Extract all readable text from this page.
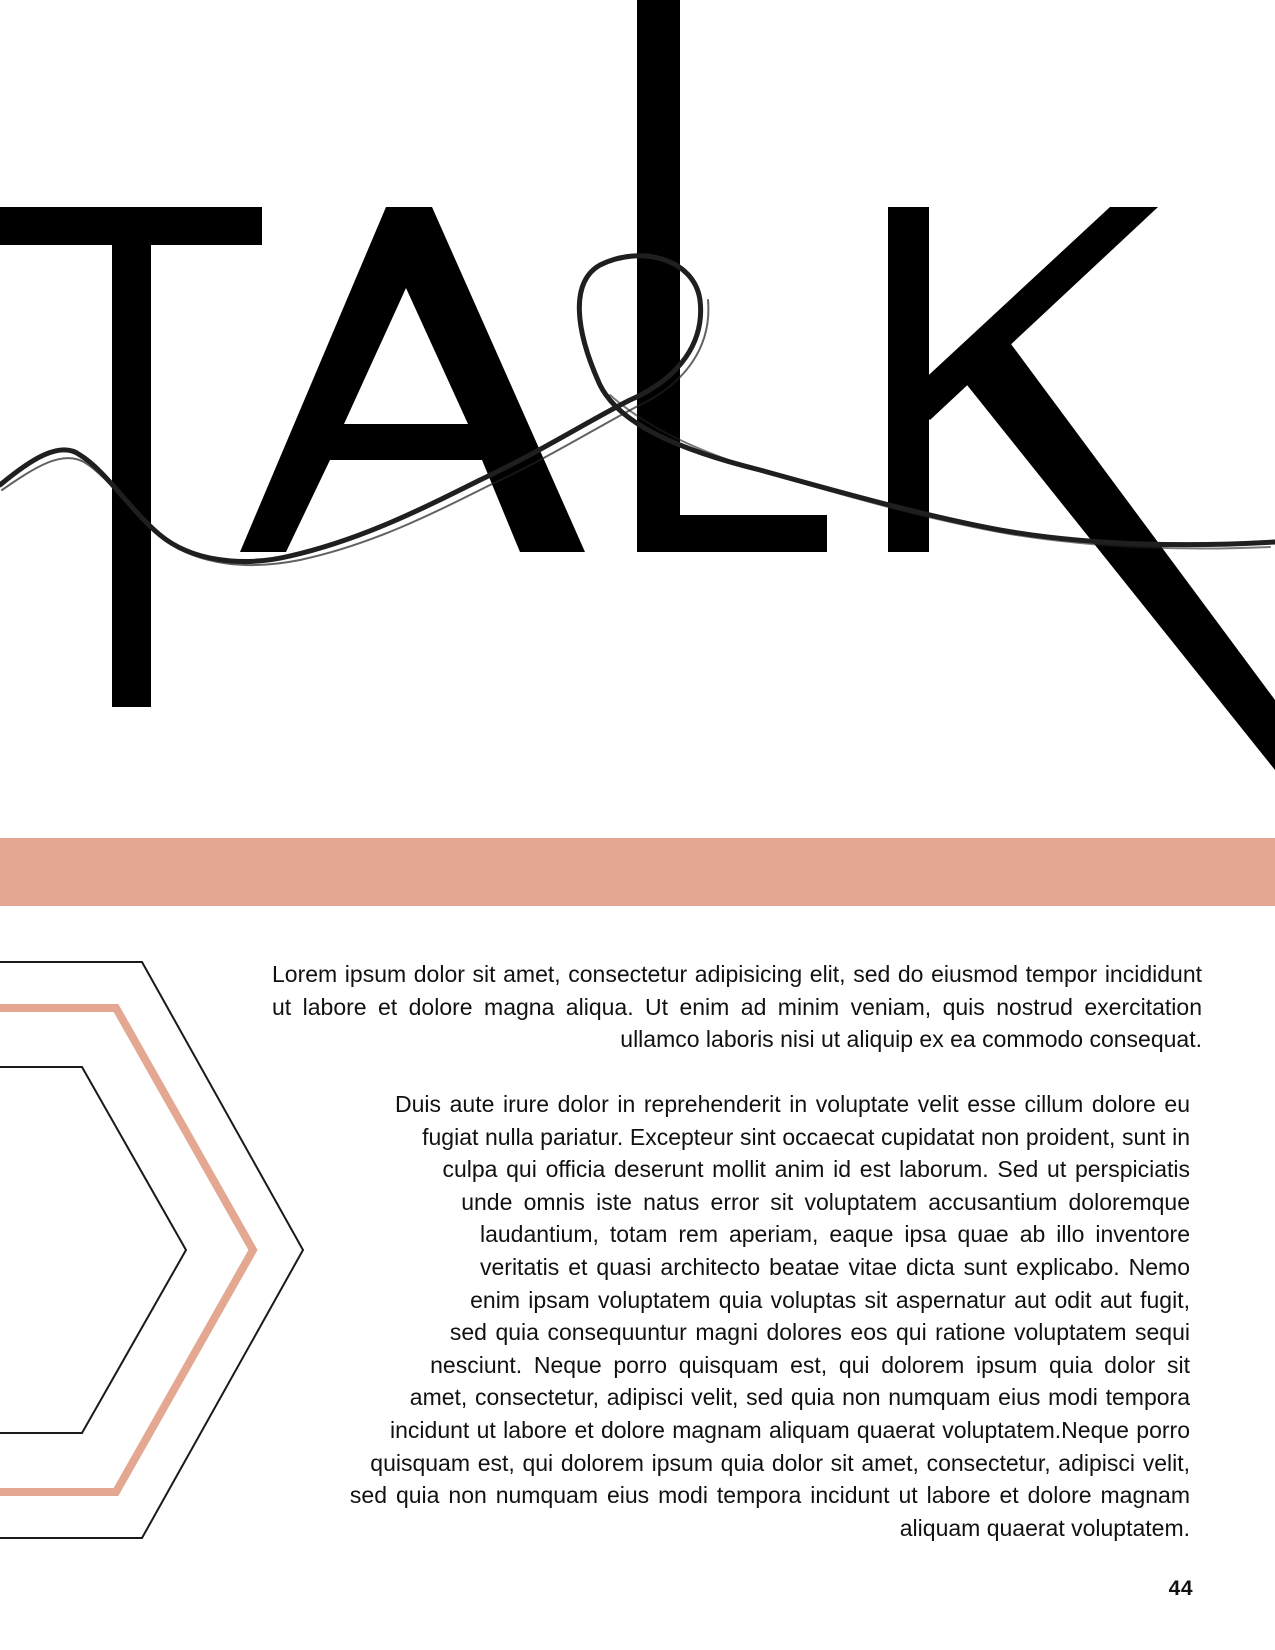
Lorem ipsum dolor sit amet, consectetur adipisicing elit, sed do eiusmod tempor incididunt ut labore et dolore magna aliqua. Ut enim ad minim veniam, quis nostrud exercitation ullamco laboris nisi ut aliquip ex ea commodo consequat.

Duis aute irure dolor in reprehenderit in voluptate velit esse cillum dolore eu fugiat nulla pariatur. Excepteur sint occaecat cupidatat non proident, sunt in culpa qui officia deserunt mollit anim id est laborum. Sed ut perspiciatis unde omnis iste natus error sit voluptatem accusantium doloremque laudantium, totam rem aperiam, eaque ipsa quae ab illo inventore veritatis et quasi architecto beatae vitae dicta sunt explicabo. Nemo enim ipsam voluptatem quia voluptas sit aspernatur aut odit aut fugit, sed quia consequuntur magni dolores eos qui ratione voluptatem sequi nesciunt. Neque porro quisquam est, qui dolorem ipsum quia dolor sit amet, consectetur, adipisci velit, sed quia non numquam eius modi tempora incidunt ut labore et dolore magnam aliquam quaerat voluptatem.Neque porro quisquam est, qui dolorem ipsum quia dolor sit amet, consectetur, adipisci velit, sed quia non numquam eius modi tempora incidunt ut labore et dolore magnam aliquam quaerat voluptatem.
44
